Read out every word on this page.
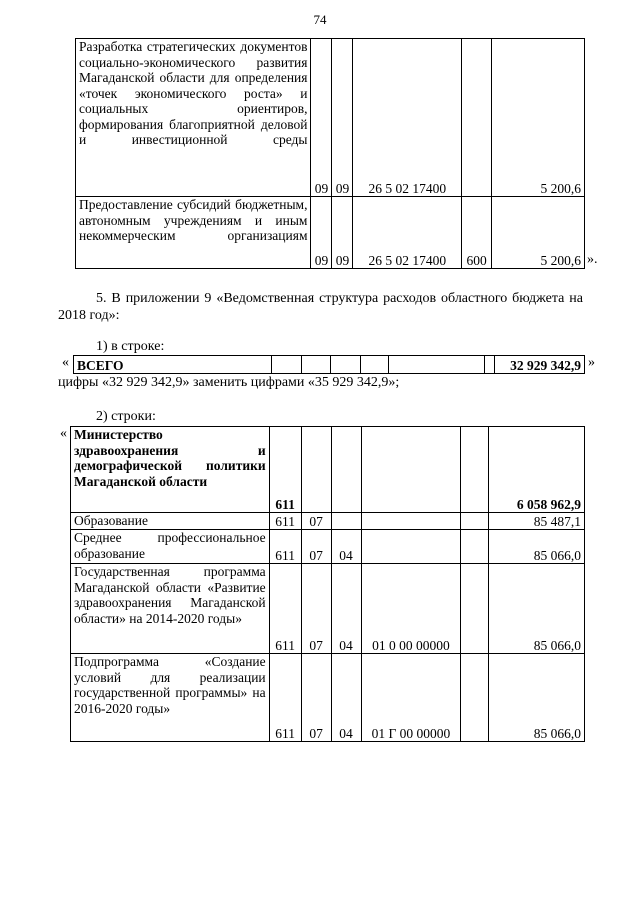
74
Разработка стратегических документов социально-экономического развития Магаданской области для определения «точек экономического роста» и социальных ориентиров, формирования благоприятной деловой и инвестиционной среды	09	09	26 5 02 17400		5 200,6
Предоставление субсидий бюджетным, автономным учреждениям и иным некоммерческим организациям	09	09	26 5 02 17400	600	5 200,6 ».
5. В приложении 9 «Ведомственная структура расходов областного бюджета на 2018 год»:
1) в строке:
« ВСЕГО							32 929 342,9 »
цифры «32 929 342,9» заменить цифрами «35 929 342,9»;
2) строки:
« Министерство здравоохранения и демографической политики Магаданской области	611					6 058 962,9
Образование	611	07				85 487,1
Среднее профессиональное образование	611	07	04			85 066,0
Государственная программа Магаданской области «Развитие здравоохранения Магаданской области» на 2014-2020 годы»	611	07	04	01 0 00 00000		85 066,0
Подпрограмма «Создание условий для реализации государственной программы» на 2016-2020 годы»	611	07	04	01 Г 00 00000		85 066,0
